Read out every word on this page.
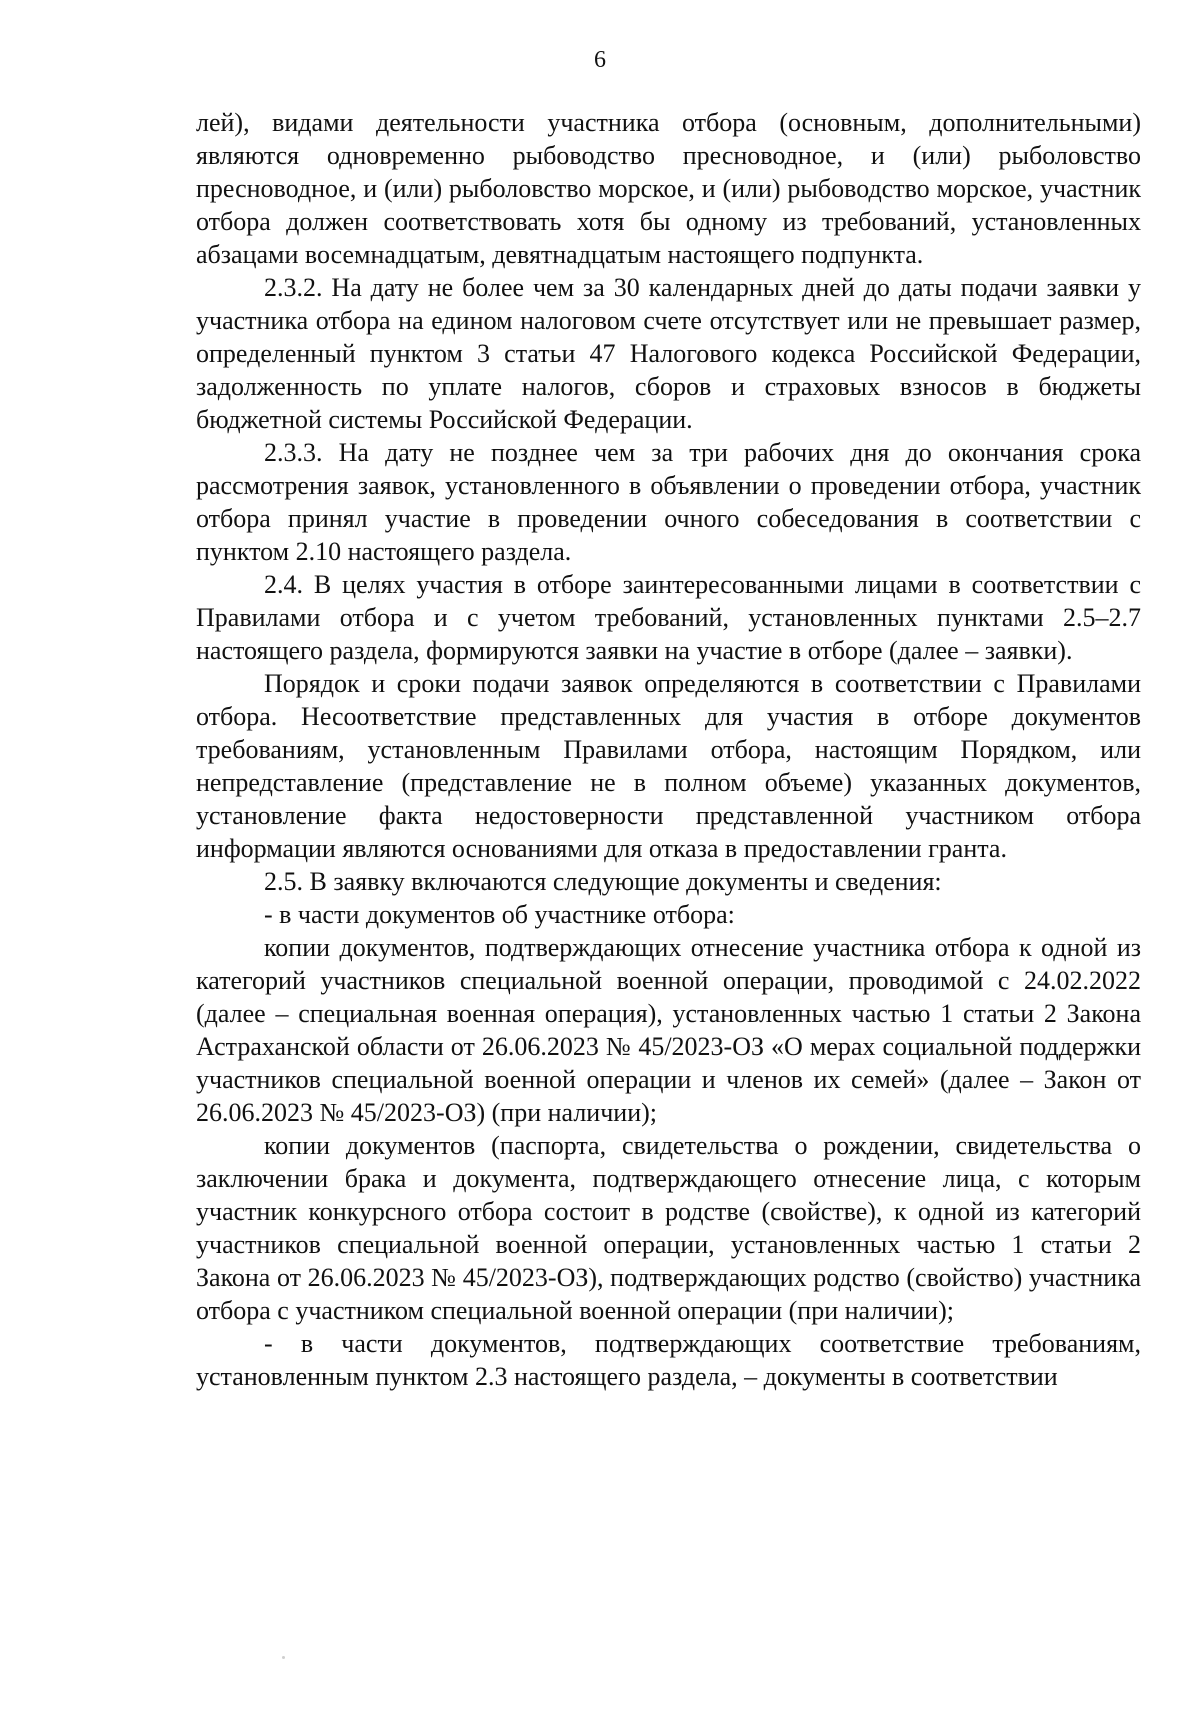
6

лей), видами деятельности участника отбора (основным, дополнительными) являются одновременно рыбоводство пресноводное, и (или) рыболовство пресноводное, и (или) рыболовство морское, и (или) рыбоводство морское, участник отбора должен соответствовать хотя бы одному из требований, установленных абзацами восемнадцатым, девятнадцатым настоящего подпункта.

2.3.2. На дату не более чем за 30 календарных дней до даты подачи заявки у участника отбора на едином налоговом счете отсутствует или не превышает размер, определенный пунктом 3 статьи 47 Налогового кодекса Российской Федерации, задолженность по уплате налогов, сборов и страховых взносов в бюджеты бюджетной системы Российской Федерации.

2.3.3. На дату не позднее чем за три рабочих дня до окончания срока рассмотрения заявок, установленного в объявлении о проведении отбора, участник отбора принял участие в проведении очного собеседования в соответствии с пунктом 2.10 настоящего раздела.

2.4. В целях участия в отборе заинтересованными лицами в соответствии с Правилами отбора и с учетом требований, установленных пунктами 2.5–2.7 настоящего раздела, формируются заявки на участие в отборе (далее – заявки).

Порядок и сроки подачи заявок определяются в соответствии с Правилами отбора. Несоответствие представленных для участия в отборе документов требованиям, установленным Правилами отбора, настоящим Порядком, или непредставление (представление не в полном объеме) указанных документов, установление факта недостоверности представленной участником отбора информации являются основаниями для отказа в предоставлении гранта.

2.5. В заявку включаются следующие документы и сведения:

- в части документов об участнике отбора:

копии документов, подтверждающих отнесение участника отбора к одной из категорий участников специальной военной операции, проводимой с 24.02.2022 (далее – специальная военная операция), установленных частью 1 статьи 2 Закона Астраханской области от 26.06.2023 № 45/2023-ОЗ «О мерах социальной поддержки участников специальной военной операции и членов их семей» (далее – Закон от 26.06.2023 № 45/2023-ОЗ) (при наличии);

копии документов (паспорта, свидетельства о рождении, свидетельства о заключении брака и документа, подтверждающего отнесение лица, с которым участник конкурсного отбора состоит в родстве (свойстве), к одной из категорий участников специальной военной операции, установленных частью 1 статьи 2 Закона от 26.06.2023 № 45/2023-ОЗ), подтверждающих родство (свойство) участника отбора с участником специальной военной операции (при наличии);

- в части документов, подтверждающих соответствие требованиям, установленным пунктом 2.3 настоящего раздела, – документы в соответствии
